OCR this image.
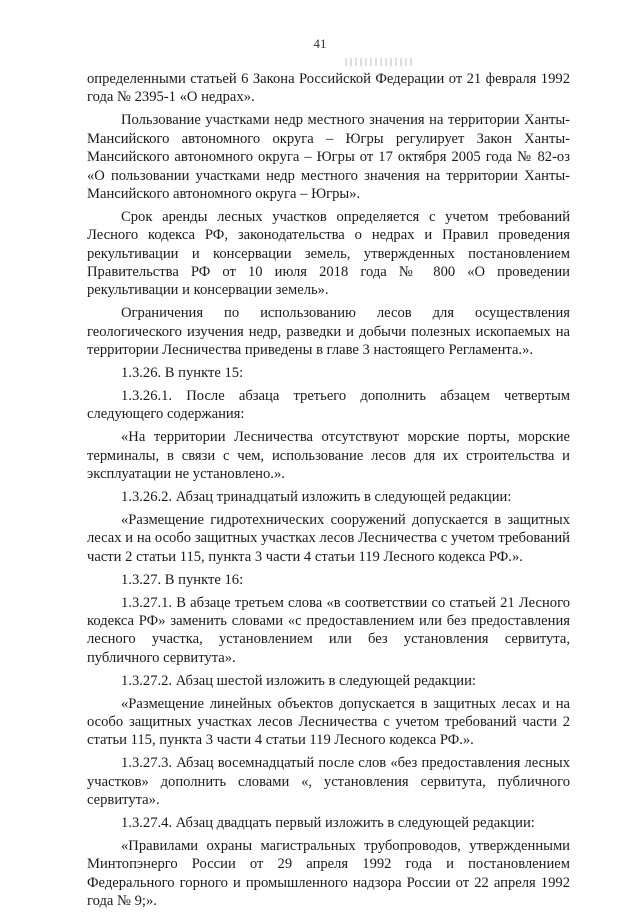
41

определенными статьей 6 Закона Российской Федерации от 21 февраля 1992 года № 2395-1 «О недрах».

Пользование участками недр местного значения на территории Ханты-Мансийского автономного округа – Югры регулирует Закон Ханты-Мансийского автономного округа – Югры от 17 октября 2005 года № 82-оз «О пользовании участками недр местного значения на территории Ханты-Мансийского автономного округа – Югры».

Срок аренды лесных участков определяется с учетом требований Лесного кодекса РФ, законодательства о недрах и Правил проведения рекультивации и консервации земель, утвержденных постановлением Правительства РФ от 10 июля 2018 года № 800 «О проведении рекультивации и консервации земель».

Ограничения по использованию лесов для осуществления геологического изучения недр, разведки и добычи полезных ископаемых на территории Лесничества приведены в главе 3 настоящего Регламента.».

1.3.26. В пункте 15:

1.3.26.1. После абзаца третьего дополнить абзацем четвертым следующего содержания:

«На территории Лесничества отсутствуют морские порты, морские терминалы, в связи с чем, использование лесов для их строительства и эксплуатации не установлено.».

1.3.26.2. Абзац тринадцатый изложить в следующей редакции:

«Размещение гидротехнических сооружений допускается в защитных лесах и на особо защитных участках лесов Лесничества с учетом требований части 2 статьи 115, пункта 3 части 4 статьи 119 Лесного кодекса РФ.».

1.3.27. В пункте 16:

1.3.27.1. В абзаце третьем слова «в соответствии со статьей 21 Лесного кодекса РФ» заменить словами «с предоставлением или без предоставления лесного участка, установлением или без установления сервитута, публичного сервитута».

1.3.27.2. Абзац шестой изложить в следующей редакции:

«Размещение линейных объектов допускается в защитных лесах и на особо защитных участках лесов Лесничества с учетом требований части 2 статьи 115, пункта 3 части 4 статьи 119 Лесного кодекса РФ.».

1.3.27.3. Абзац восемнадцатый после слов «без предоставления лесных участков» дополнить словами «, установления сервитута, публичного сервитута».

1.3.27.4. Абзац двадцать первый изложить в следующей редакции:

«Правилами охраны магистральных трубопроводов, утвержденными Минтопэнерго России от 29 апреля 1992 года и постановлением Федерального горного и промышленного надзора России от 22 апреля 1992 года № 9;».
